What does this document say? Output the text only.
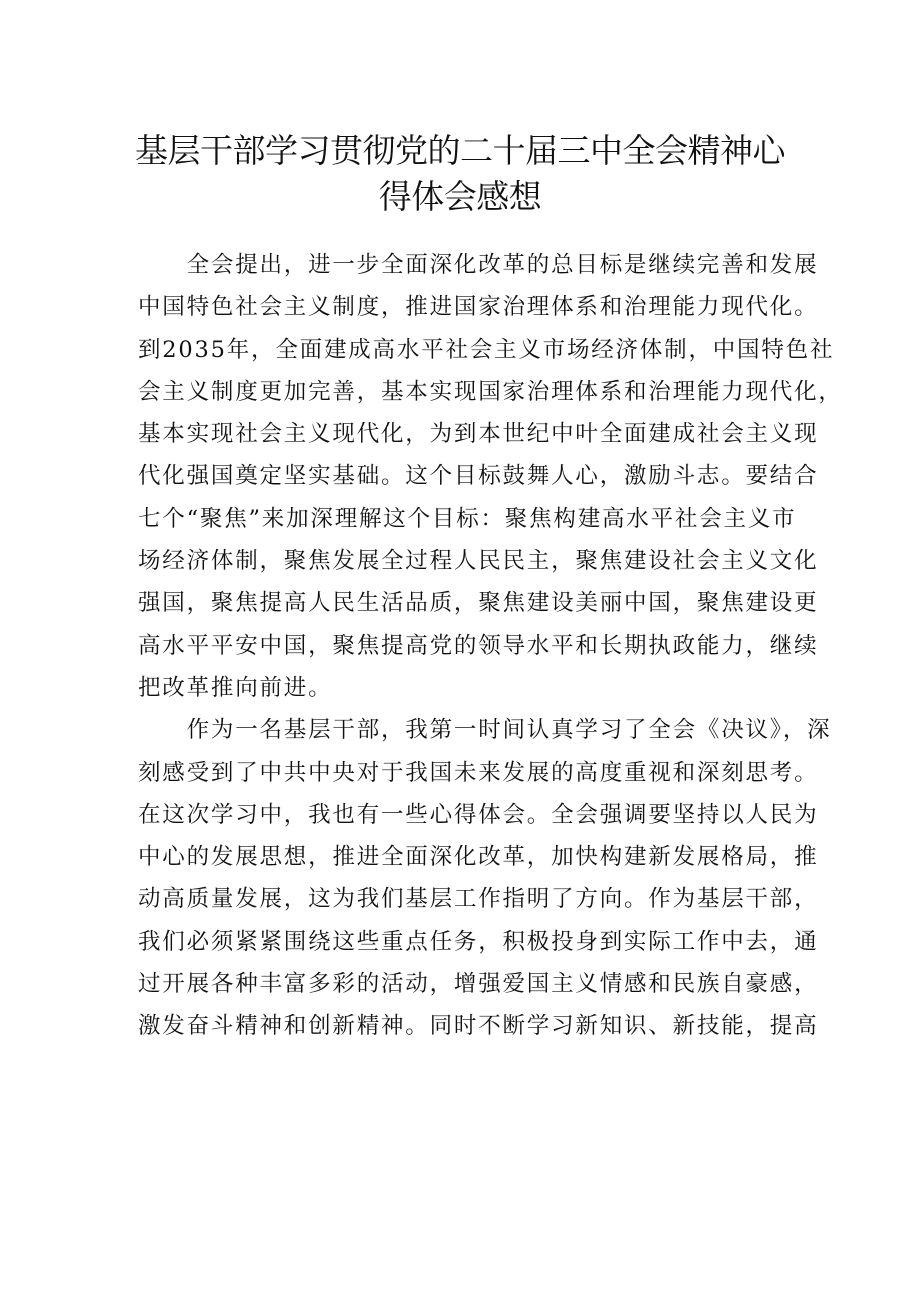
基层干部学习贯彻党的二十届三中全会精神心
得体会感想

　　全会提出，进一步全面深化改革的总目标是继续完善和发展
中国特色社会主义制度，推进国家治理体系和治理能力现代化。
到2035年，全面建成高水平社会主义市场经济体制，中国特色社
会主义制度更加完善，基本实现国家治理体系和治理能力现代化，
基本实现社会主义现代化，为到本世纪中叶全面建成社会主义现
代化强国奠定坚实基础。这个目标鼓舞人心，激励斗志。要结合
七个“聚焦”来加深理解这个目标：聚焦构建高水平社会主义市
场经济体制，聚焦发展全过程人民民主，聚焦建设社会主义文化
强国，聚焦提高人民生活品质，聚焦建设美丽中国，聚焦建设更
高水平平安中国，聚焦提高党的领导水平和长期执政能力，继续
把改革推向前进。

　　作为一名基层干部，我第一时间认真学习了全会《决议》，深
刻感受到了中共中央对于我国未来发展的高度重视和深刻思考。
在这次学习中，我也有一些心得体会。全会强调要坚持以人民为
中心的发展思想，推进全面深化改革，加快构建新发展格局，推
动高质量发展，这为我们基层工作指明了方向。作为基层干部，
我们必须紧紧围绕这些重点任务，积极投身到实际工作中去，通
过开展各种丰富多彩的活动，增强爱国主义情感和民族自豪感，
激发奋斗精神和创新精神。同时不断学习新知识、新技能，提高
